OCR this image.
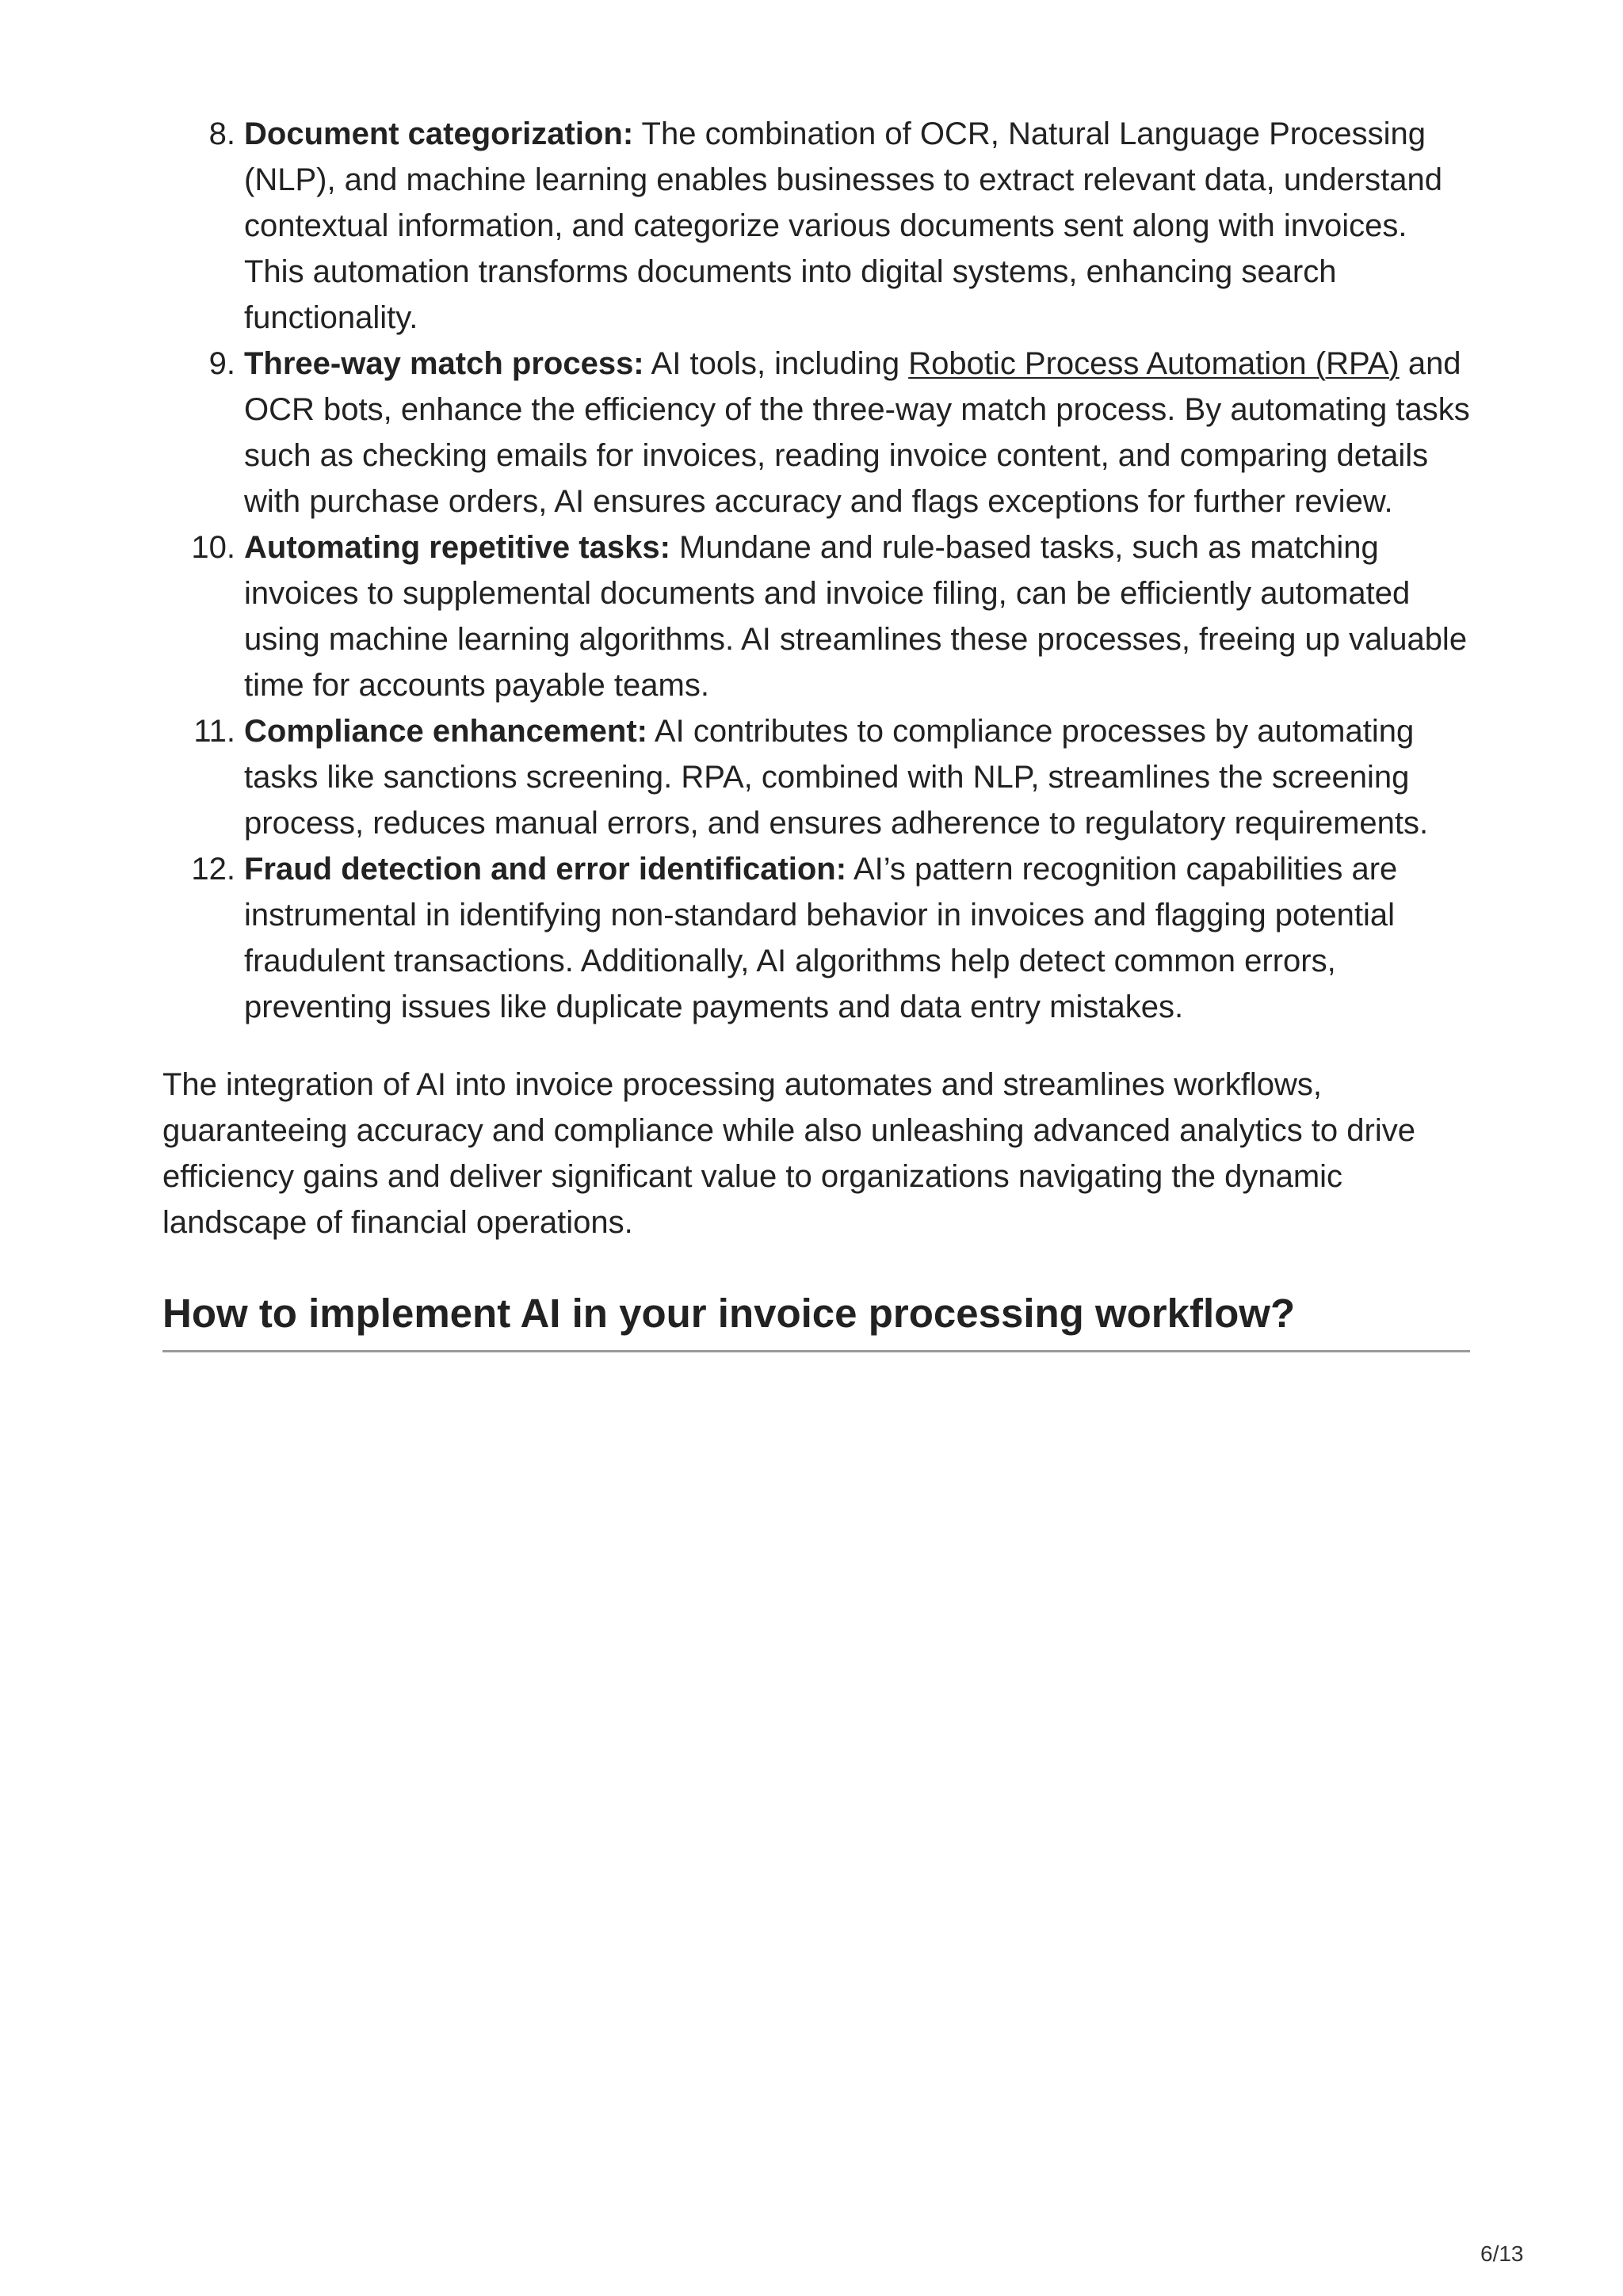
8. Document categorization: The combination of OCR, Natural Language Processing (NLP), and machine learning enables businesses to extract relevant data, understand contextual information, and categorize various documents sent along with invoices. This automation transforms documents into digital systems, enhancing search functionality.
9. Three-way match process: AI tools, including Robotic Process Automation (RPA) and OCR bots, enhance the efficiency of the three-way match process. By automating tasks such as checking emails for invoices, reading invoice content, and comparing details with purchase orders, AI ensures accuracy and flags exceptions for further review.
10. Automating repetitive tasks: Mundane and rule-based tasks, such as matching invoices to supplemental documents and invoice filing, can be efficiently automated using machine learning algorithms. AI streamlines these processes, freeing up valuable time for accounts payable teams.
11. Compliance enhancement: AI contributes to compliance processes by automating tasks like sanctions screening. RPA, combined with NLP, streamlines the screening process, reduces manual errors, and ensures adherence to regulatory requirements.
12. Fraud detection and error identification: AI’s pattern recognition capabilities are instrumental in identifying non-standard behavior in invoices and flagging potential fraudulent transactions. Additionally, AI algorithms help detect common errors, preventing issues like duplicate payments and data entry mistakes.

The integration of AI into invoice processing automates and streamlines workflows, guaranteeing accuracy and compliance while also unleashing advanced analytics to drive efficiency gains and deliver significant value to organizations navigating the dynamic landscape of financial operations.

How to implement AI in your invoice processing workflow?
6/13
